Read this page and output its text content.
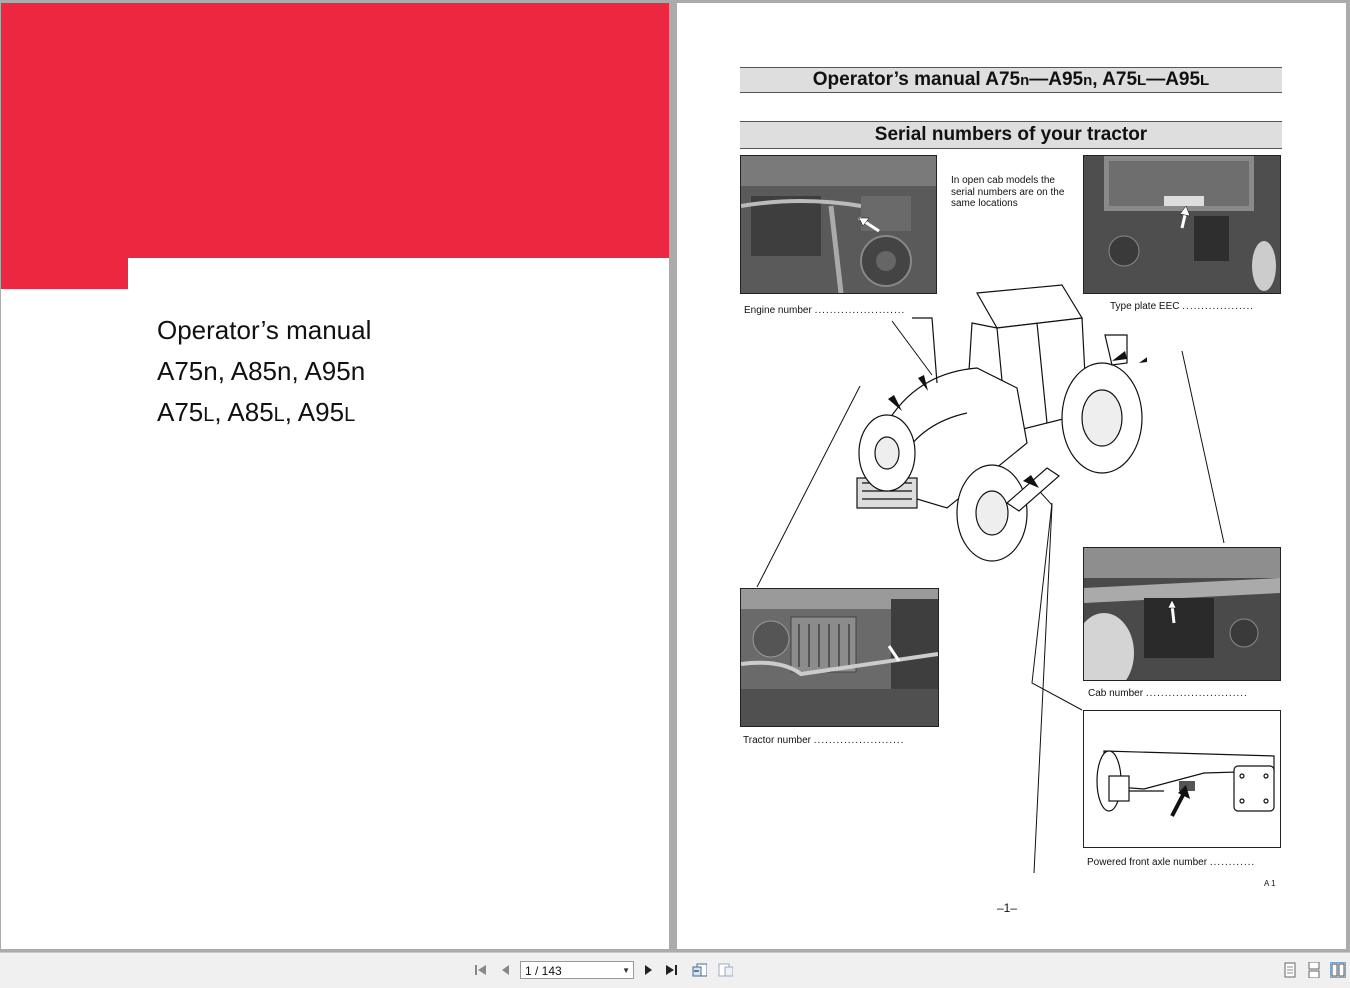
Operator’s manual
A75n, A85n, A95n
A75L, A85L, A95L
Operator’s manual A75n—A95n, A75L—A95L
Serial numbers of your tractor
In open cab models the serial numbers are on the same locations
Engine number ........................	Type plate EEC ...................
Tractor number ........................
Cab number ...........................
Powered front axle number ............
A 1
–1–
1 / 143	▼
